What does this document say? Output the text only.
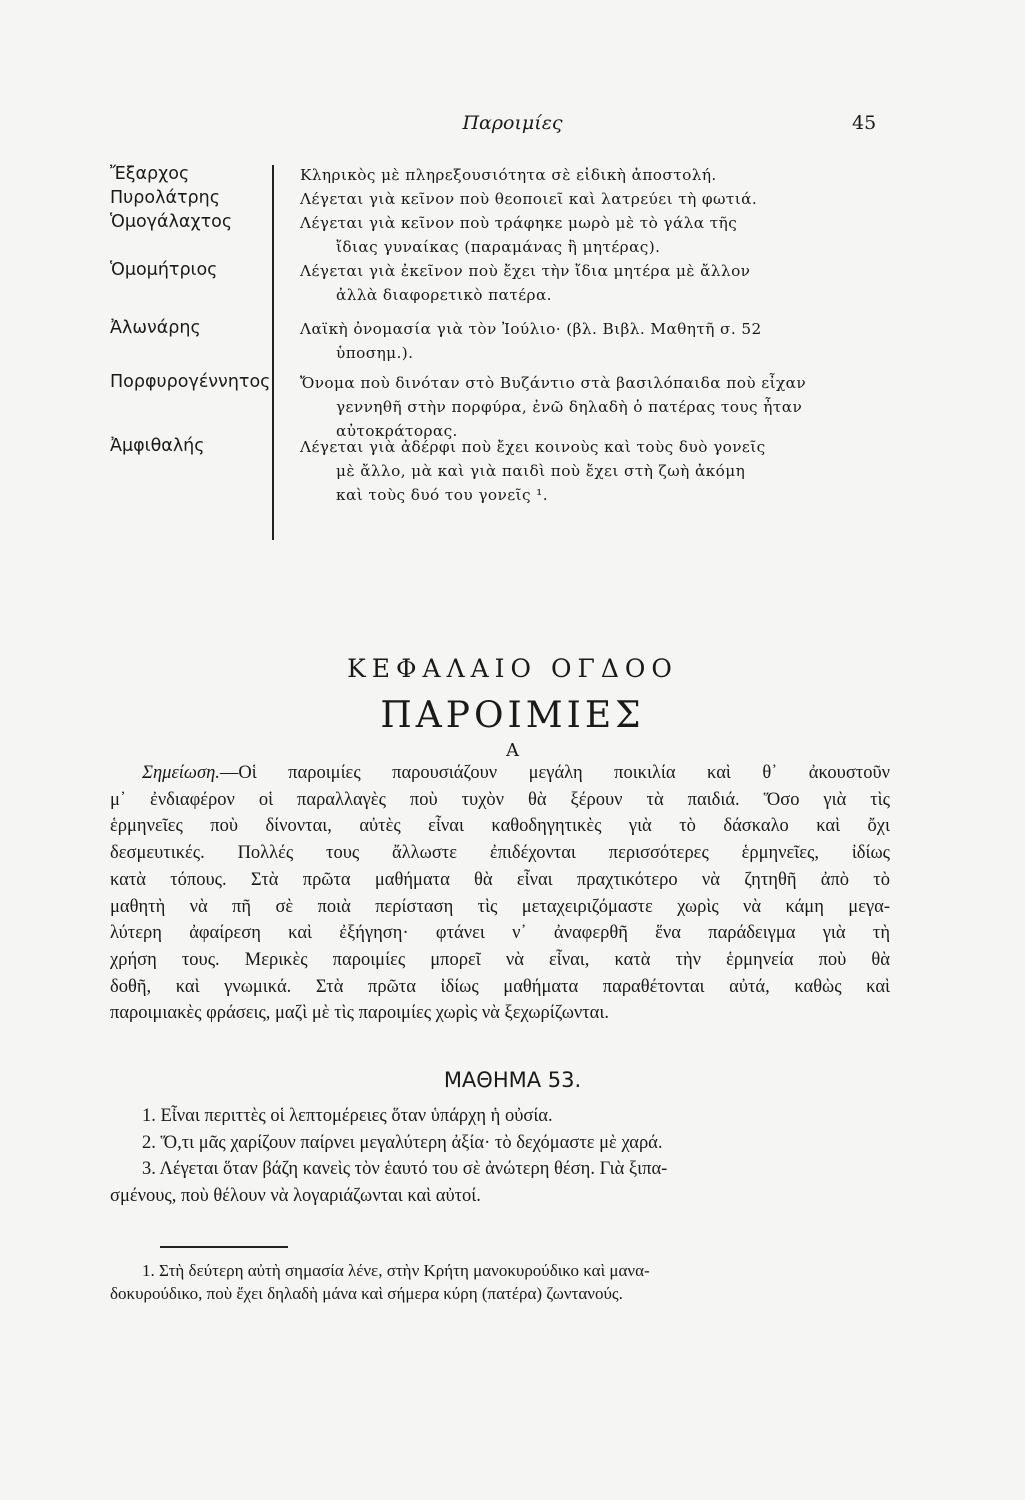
Παροιμίες	45
Ἔξαρχος	Κληρικὸς μὲ πληρεξουσιότητα σὲ εἰδικὴ ἀποστολή.
Πυρολάτρης	Λέγεται γιὰ κεῖνον ποὺ θεοποιεῖ καὶ λατρεύει τὴ φωτιά.
Ὁμογάλαχτος	Λέγεται γιὰ κεῖνον ποὺ τράφηκε μωρὸ μὲ τὸ γάλα τῆς
ἴδιας γυναίκας (παραμάνας ἢ μητέρας).
Ὁμομήτριος	Λέγεται γιὰ ἐκεῖνον ποὺ ἔχει τὴν ἴδια μητέρα μὲ ἄλλον
ἀλλὰ διαφορετικὸ πατέρα.
Ἀλωνάρης	Λαϊκὴ ὀνομασία γιὰ τὸν Ἰούλιο· (βλ. Βιβλ. Μαθητῆ σ. 52
ὑποσημ.).
Πορφυρογέννητος Ὄνομα ποὺ δινόταν στὸ Βυζάντιο στὰ βασιλόπαιδα ποὺ εἶχαν
γεννηθῆ στὴν πορφύρα, ἐνῶ δηλαδὴ ὁ πατέρας τους ἦταν
αὐτοκράτορας.
Ἀμφιθαλής	Λέγεται γιὰ ἀδέρφι ποὺ ἔχει κοινοὺς καὶ τοὺς δυὸ γονεῖς
μὲ ἄλλο, μὰ καὶ γιὰ παιδὶ ποὺ ἔχει στὴ ζωὴ ἀκόμη
καὶ τοὺς δυό του γονεῖς ¹.
ΚΕΦΑΛΑΙΟ ΟΓΔΟΟ
ΠΑΡΟΙΜΙΕΣ
Α
Σημείωση.—Οἱ παροιμίες παρουσιάζουν μεγάλη ποικιλία καὶ θ᾽ ἀκουστοῦν
μ᾽ ἐνδιαφέρον οἱ παραλλαγὲς ποὺ τυχὸν θὰ ξέρουν τὰ παιδιά. Ὅσο γιὰ τὶς
ἑρμηνεῖες ποὺ δίνονται, αὐτὲς εἶναι καθοδηγητικὲς γιὰ τὸ δάσκαλο καὶ ὄχι
δεσμευτικές. Πολλές τους ἄλλωστε ἐπιδέχονται περισσότερες ἑρμηνεῖες, ἰδίως
κατὰ τόπους. Στὰ πρῶτα μαθήματα θὰ εἶναι πραχτικότερο νὰ ζητηθῆ ἀπὸ τὸ
μαθητὴ νὰ πῆ σὲ ποιὰ περίσταση τὶς μεταχειριζόμαστε χωρὶς νὰ κάμη μεγα-
λύτερη ἀφαίρεση καὶ ἐξήγηση· φτάνει ν᾽ ἀναφερθῆ ἕνα παράδειγμα γιὰ τὴ
χρήση τους. Μερικὲς παροιμίες μπορεῖ νὰ εἶναι, κατὰ τὴν ἑρμηνεία ποὺ θὰ
δοθῆ, καὶ γνωμικά. Στὰ πρῶτα ἰδίως μαθήματα παραθέτονται αὐτά, καθὼς καὶ
παροιμιακὲς φράσεις, μαζὶ μὲ τὶς παροιμίες χωρὶς νὰ ξεχωρίζωνται.
ΜΑΘΗΜΑ 53.
1. Εἶναι περιττὲς οἱ λεπτομέρειες ὅταν ὑπάρχη ἡ οὐσία.
2. Ὅ,τι μᾶς χαρίζουν παίρνει μεγαλύτερη ἀξία· τὸ δεχόμαστε μὲ χαρά.
3. Λέγεται ὅταν βάζη κανεὶς τὸν ἑαυτό του σὲ ἀνώτερη θέση. Γιὰ ξιπα-
σμένους, ποὺ θέλουν νὰ λογαριάζωνται καὶ αὐτοί.
1. Στὴ δεύτερη αὐτὴ σημασία λένε, στὴν Κρήτη μανοκυρούδικο καὶ μανα-
δοκυρούδικο, ποὺ ἔχει δηλαδὴ μάνα καὶ σήμερα κύρη (πατέρα) ζωντανούς.
